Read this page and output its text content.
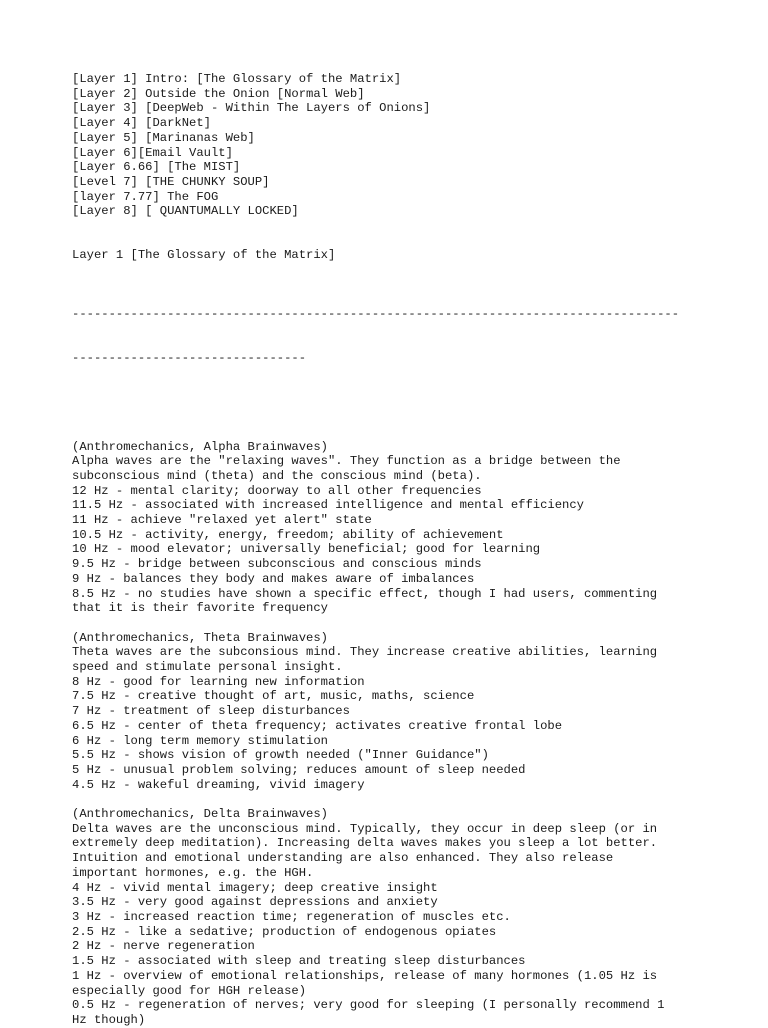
[Layer 1] Intro: [The Glossary of the Matrix]
[Layer 2] Outside the Onion [Normal Web]
[Layer 3] [DeepWeb - Within The Layers of Onions]
[Layer 4] [DarkNet]
[Layer 5] [Marinanas Web]
[Layer 6][Email Vault]
[Layer 6.66] [The MIST]
[Level 7] [THE CHUNKY SOUP]
[layer 7.77] The FOG
[Layer 8] [ QUANTUMALLY LOCKED]
Layer 1 [The Glossary of the Matrix]

-----------------------------------------------------------------------------------

--------------------------------

(Anthromechanics, Alpha Brainwaves)
Alpha waves are the "relaxing waves". They function as a bridge between the
subconscious mind (theta) and the conscious mind (beta).
12 Hz - mental clarity; doorway to all other frequencies
11.5 Hz - associated with increased intelligence and mental efficiency
11 Hz - achieve "relaxed yet alert" state
10.5 Hz - activity, energy, freedom; ability of achievement
10 Hz - mood elevator; universally beneficial; good for learning
9.5 Hz - bridge between subconscious and conscious minds
9 Hz - balances they body and makes aware of imbalances
8.5 Hz - no studies have shown a specific effect, though I had users, commenting
that it is their favorite frequency
(Anthromechanics, Theta Brainwaves)
Theta waves are the subconsious mind. They increase creative abilities, learning
speed and stimulate personal insight.
8 Hz - good for learning new information
7.5 Hz - creative thought of art, music, maths, science
7 Hz - treatment of sleep disturbances
6.5 Hz - center of theta frequency; activates creative frontal lobe
6 Hz - long term memory stimulation
5.5 Hz - shows vision of growth needed ("Inner Guidance")
5 Hz - unusual problem solving; reduces amount of sleep needed
4.5 Hz - wakeful dreaming, vivid imagery
(Anthromechanics, Delta Brainwaves)
Delta waves are the unconscious mind. Typically, they occur in deep sleep (or in
extremely deep meditation). Increasing delta waves makes you sleep a lot better.
Intuition and emotional understanding are also enhanced. They also release
important hormones, e.g. the HGH.
4 Hz - vivid mental imagery; deep creative insight
3.5 Hz - very good against depressions and anxiety
3 Hz - increased reaction time; regeneration of muscles etc.
2.5 Hz - like a sedative; production of endogenous opiates
2 Hz - nerve regeneration
1.5 Hz - associated with sleep and treating sleep disturbances
1 Hz - overview of emotional relationships, release of many hormones (1.05 Hz is
especially good for HGH release)
0.5 Hz - regeneration of nerves; very good for sleeping (I personally recommend 1
Hz though)
